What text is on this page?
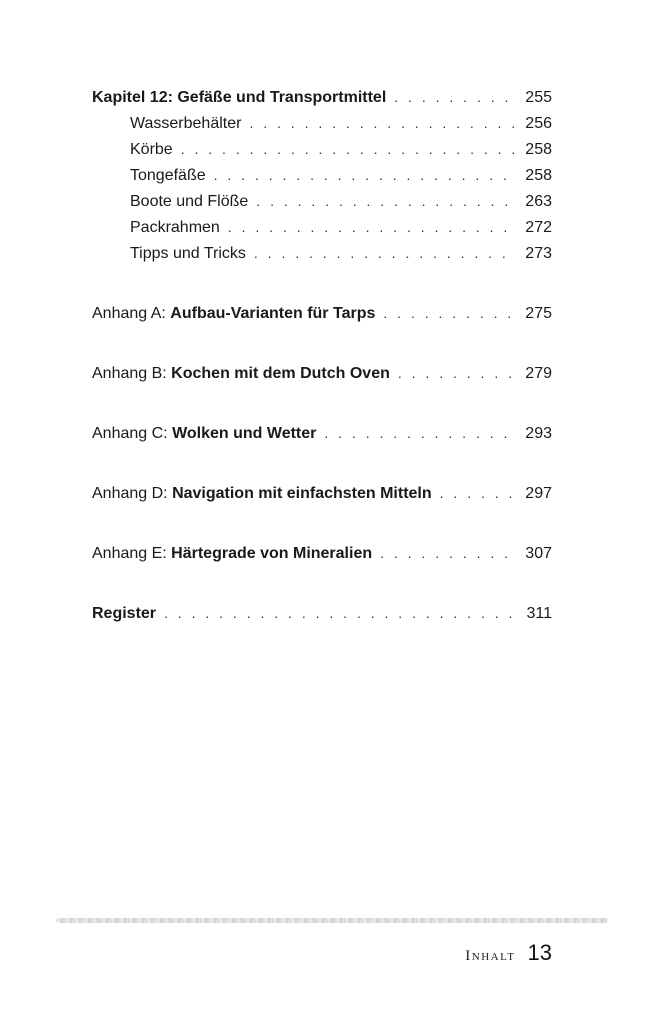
Kapitel 12: Gefäße und Transportmittel . . .	255
Wasserbehälter . . .	256
Körbe . . .	258
Tongefäße . . .	258
Boote und Flöße . . .	263
Packrahmen . . .	272
Tipps und Tricks . . .	273
Anhang A: Aufbau-Varianten für Tarps . . .	275
Anhang B: Kochen mit dem Dutch Oven . . .	279
Anhang C: Wolken und Wetter . . .	293
Anhang D: Navigation mit einfachsten Mitteln . . .	297
Anhang E: Härtegrade von Mineralien . . .	307
Register . . .	311
Inhalt 13
